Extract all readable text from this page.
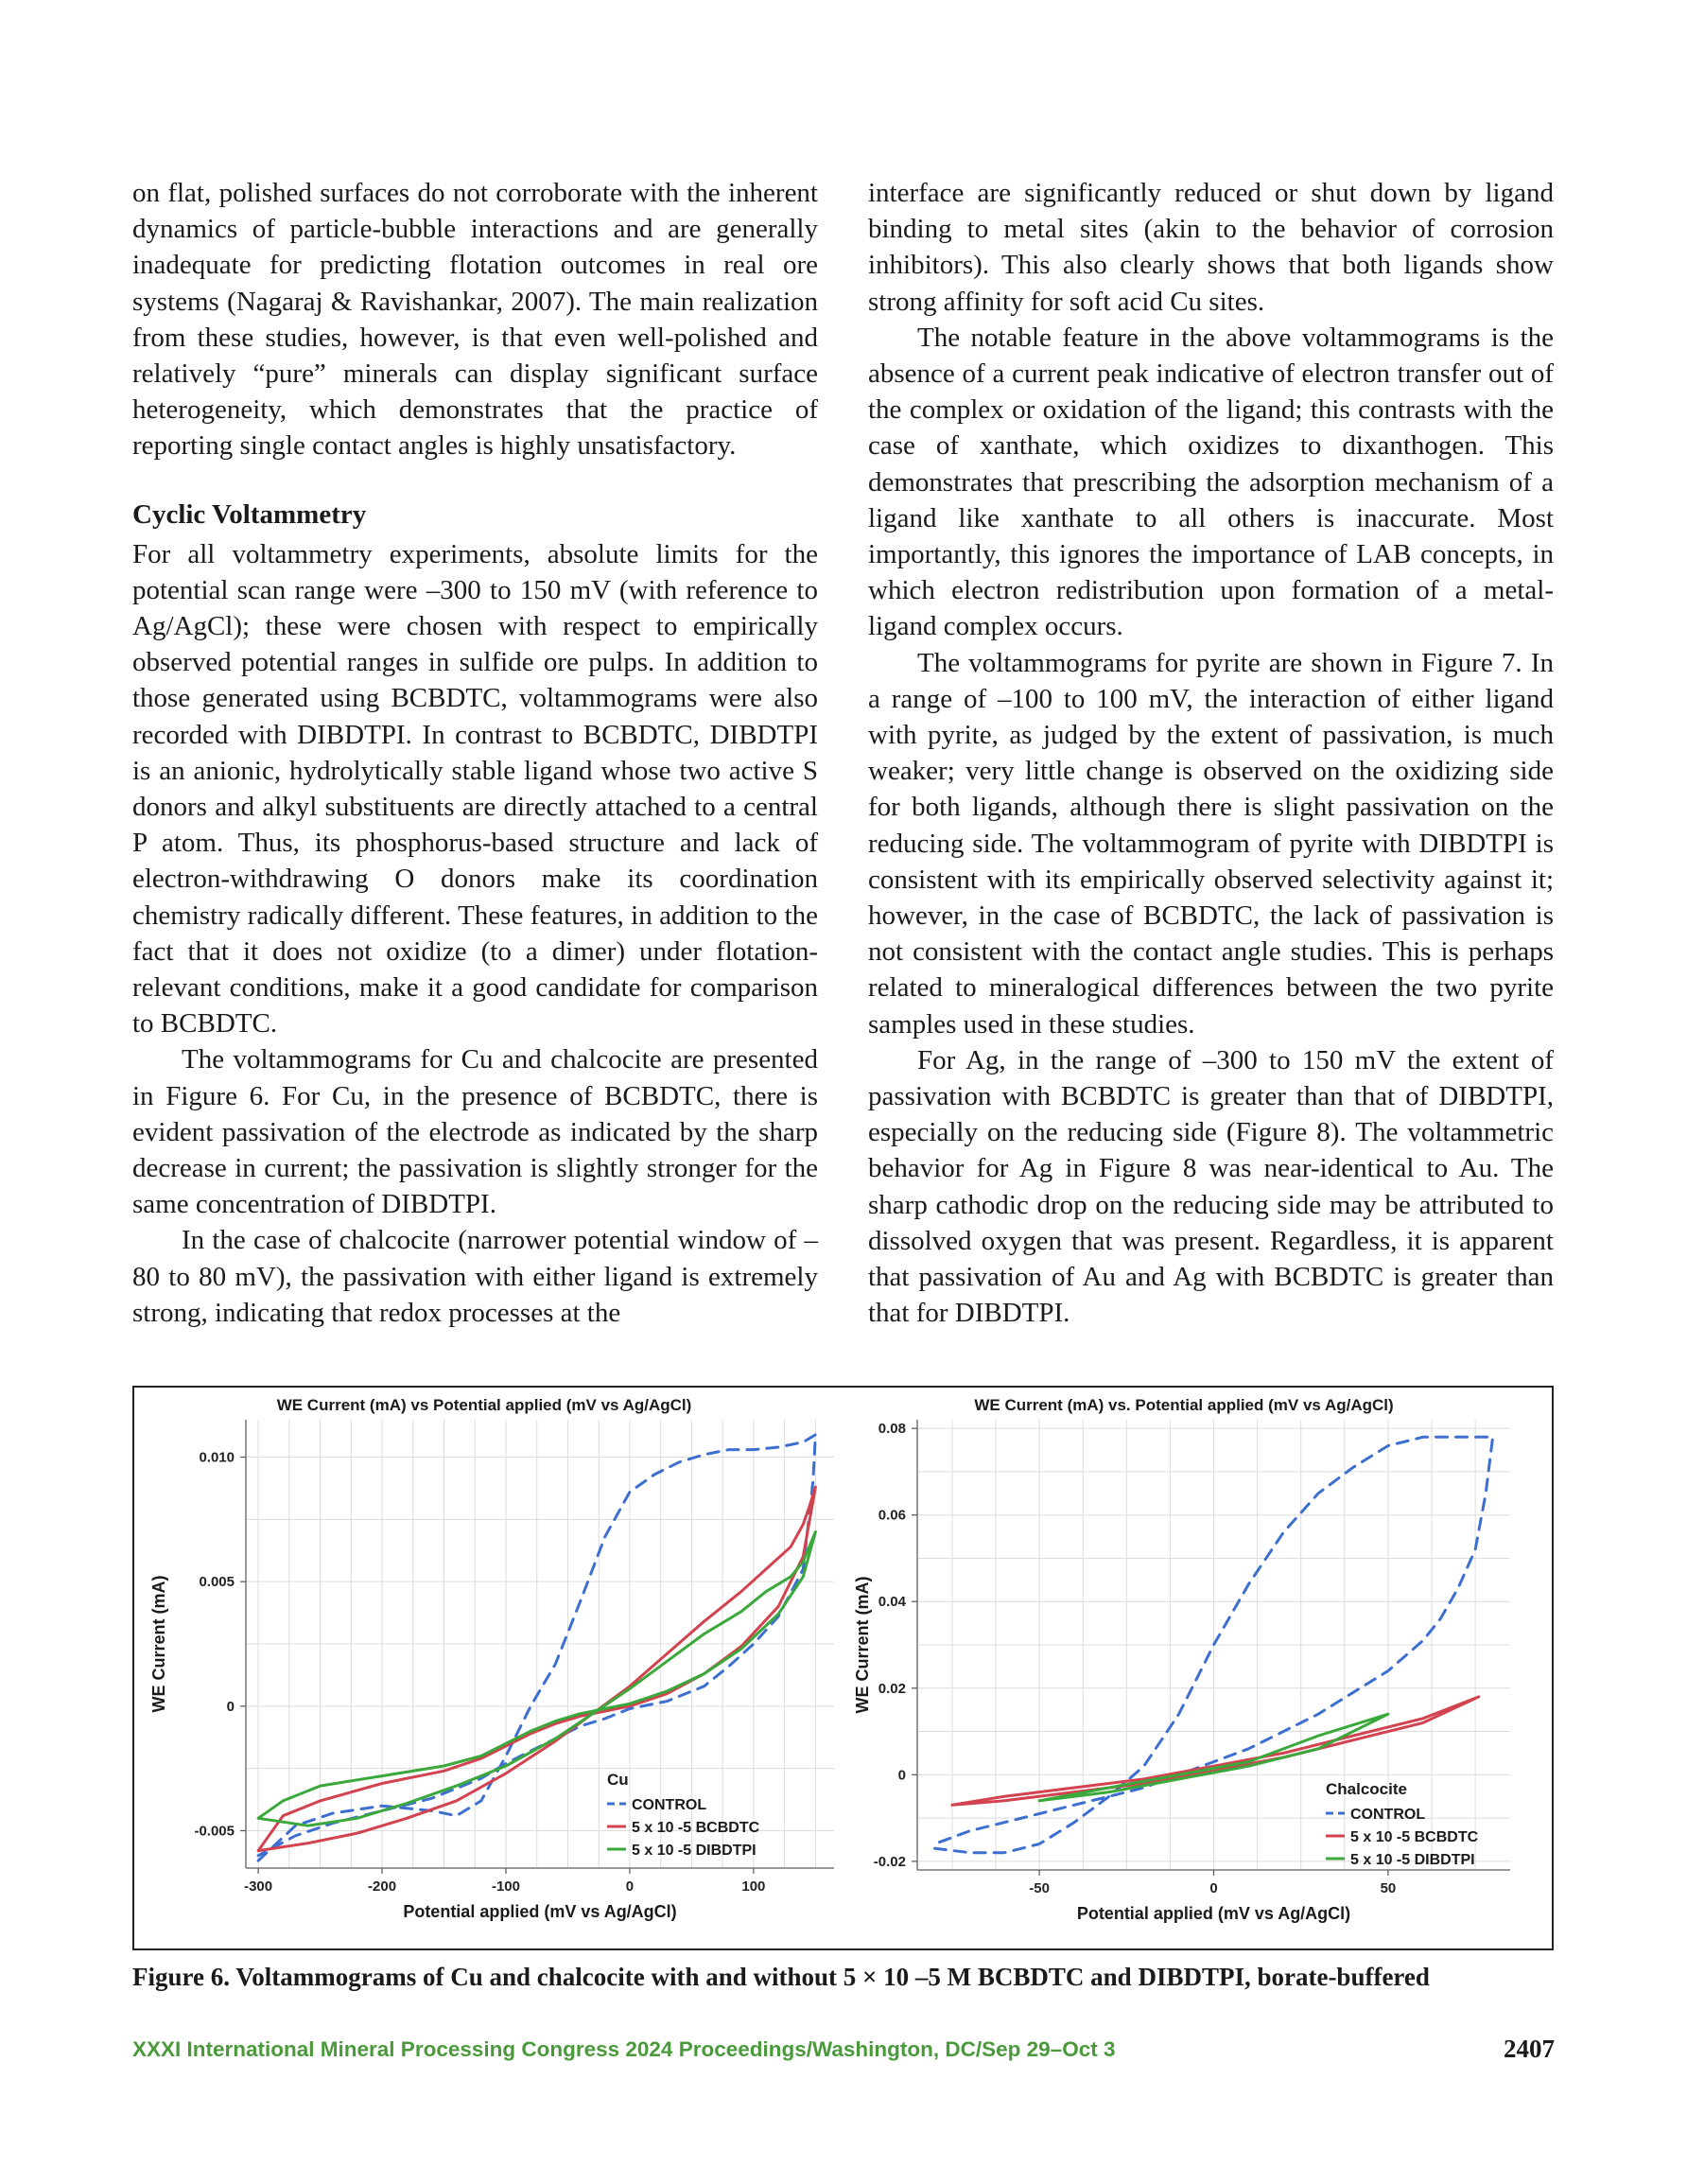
on flat, polished surfaces do not corroborate with the inherent dynamics of particle-bubble interactions and are generally inadequate for predicting flotation outcomes in real ore systems (Nagaraj & Ravishankar, 2007). The main realization from these studies, however, is that even well-polished and relatively “pure” minerals can display significant surface heterogeneity, which demonstrates that the practice of reporting single contact angles is highly unsatisfactory.

Cyclic Voltammetry

For all voltammetry experiments, absolute limits for the potential scan range were –300 to 150 mV (with reference to Ag/AgCl); these were chosen with respect to empirically observed potential ranges in sulfide ore pulps. In addition to those generated using BCBDTC, voltammograms were also recorded with DIBDTPI. In contrast to BCBDTC, DIBDTPI is an anionic, hydrolytically stable ligand whose two active S donors and alkyl substituents are directly attached to a central P atom. Thus, its phosphorus-based structure and lack of electron-withdrawing O donors make its coordination chemistry radically different. These features, in addition to the fact that it does not oxidize (to a dimer) under flotation-relevant conditions, make it a good candidate for comparison to BCBDTC.

The voltammograms for Cu and chalcocite are presented in Figure 6. For Cu, in the presence of BCBDTC, there is evident passivation of the electrode as indicated by the sharp decrease in current; the passivation is slightly stronger for the same concentration of DIBDTPI.

In the case of chalcocite (narrower potential window of –80 to 80 mV), the passivation with either ligand is extremely strong, indicating that redox processes at the

interface are significantly reduced or shut down by ligand binding to metal sites (akin to the behavior of corrosion inhibitors). This also clearly shows that both ligands show strong affinity for soft acid Cu sites.

The notable feature in the above voltammograms is the absence of a current peak indicative of electron transfer out of the complex or oxidation of the ligand; this contrasts with the case of xanthate, which oxidizes to dixanthogen. This demonstrates that prescribing the adsorption mechanism of a ligand like xanthate to all others is inaccurate. Most importantly, this ignores the importance of LAB concepts, in which electron redistribution upon formation of a metal-ligand complex occurs.

The voltammograms for pyrite are shown in Figure 7. In a range of –100 to 100 mV, the interaction of either ligand with pyrite, as judged by the extent of passivation, is much weaker; very little change is observed on the oxidizing side for both ligands, although there is slight passivation on the reducing side. The voltammogram of pyrite with DIBDTPI is consistent with its empirically observed selectivity against it; however, in the case of BCBDTC, the lack of passivation is not consistent with the contact angle studies. This is perhaps related to mineralogical differences between the two pyrite samples used in these studies.

For Ag, in the range of –300 to 150 mV the extent of passivation with BCBDTC is greater than that of DIBDTPI, especially on the reducing side (Figure 8). The voltammetric behavior for Ag in Figure 8 was near-identical to Au. The sharp cathodic drop on the reducing side may be attributed to dissolved oxygen that was present. Regardless, it is apparent that passivation of Au and Ag with BCBDTC is greater than that for DIBDTPI.

-300	-200	-100	0	100
-0.005
0
0.005
0.010
WE Current (mA) vs Potential applied (mV vs Ag/AgCl)
Potential applied (mV vs Ag/AgCl)
WE Current (mA)
Cu
CONTROL
5 x 10 -5 BCBDTC
5 x 10 -5 DIBDTPI
-50	0	50
-0.02
0
0.02
0.04
0.06
0.08
WE Current (mA) vs. Potential applied (mV vs Ag/AgCl)
Potential applied (mV vs Ag/AgCl)
WE Current (mA)
Chalcocite
CONTROL
5 x 10 -5 BCBDTC
5 x 10 -5 DIBDTPI
Figure 6. Voltammograms of Cu and chalcocite with and without 5 × 10 –5 M BCBDTC and DIBDTPI, borate-buffered
XXXI International Mineral Processing Congress 2024 Proceedings/Washington, DC/Sep 29–Oct 3	2407
